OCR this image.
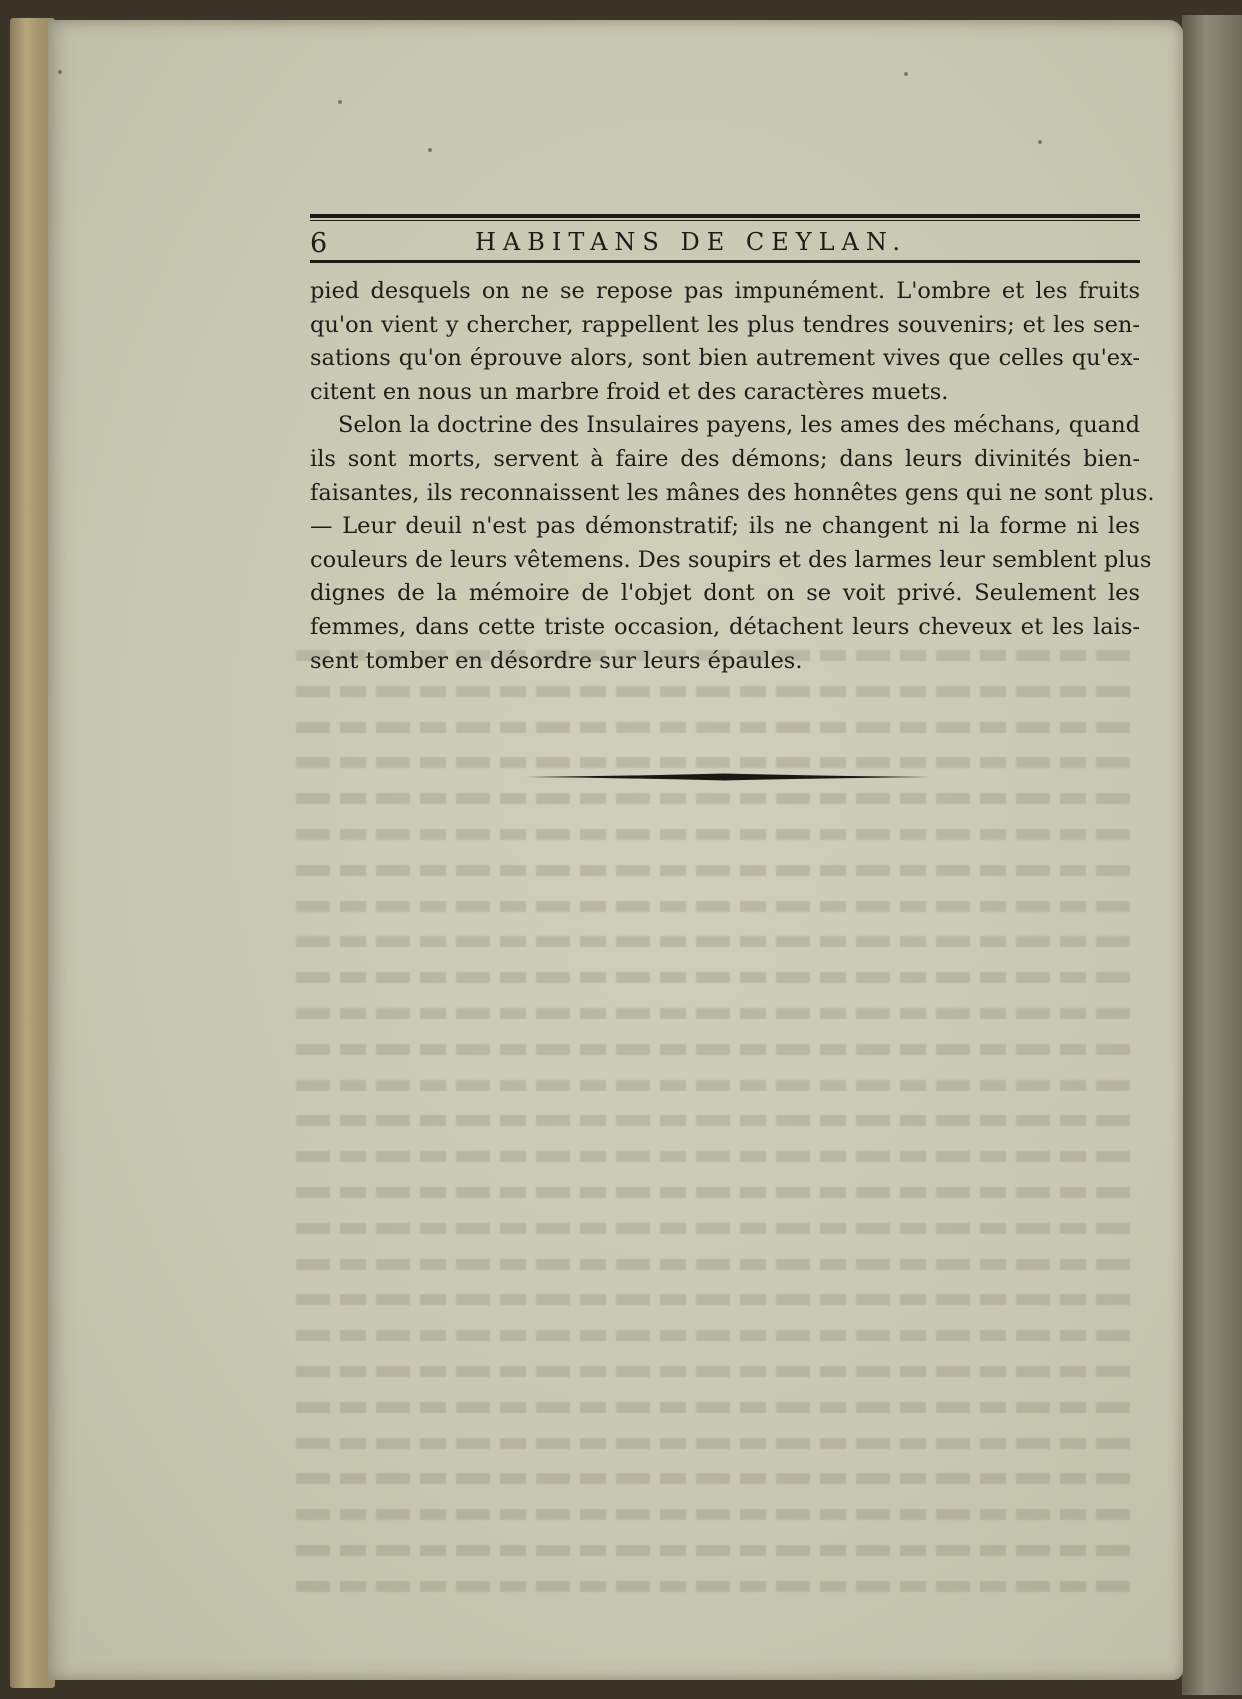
6	HABITANS DE CEYLAN.
pied desquels on ne se repose pas impunément. L'ombre et les fruits
qu'on vient y chercher, rappellent les plus tendres souvenirs; et les sen-
sations qu'on éprouve alors, sont bien autrement vives que celles qu'ex-
citent en nous un marbre froid et des caractères muets.
Selon la doctrine des Insulaires payens, les ames des méchans, quand
ils sont morts, servent à faire des démons; dans leurs divinités bien-
faisantes, ils reconnaissent les mânes des honnêtes gens qui ne sont plus.
— Leur deuil n'est pas démonstratif; ils ne changent ni la forme ni les
couleurs de leurs vêtemens. Des soupirs et des larmes leur semblent plus
dignes de la mémoire de l'objet dont on se voit privé. Seulement les
femmes, dans cette triste occasion, détachent leurs cheveux et les lais-
sent tomber en désordre sur leurs épaules.
